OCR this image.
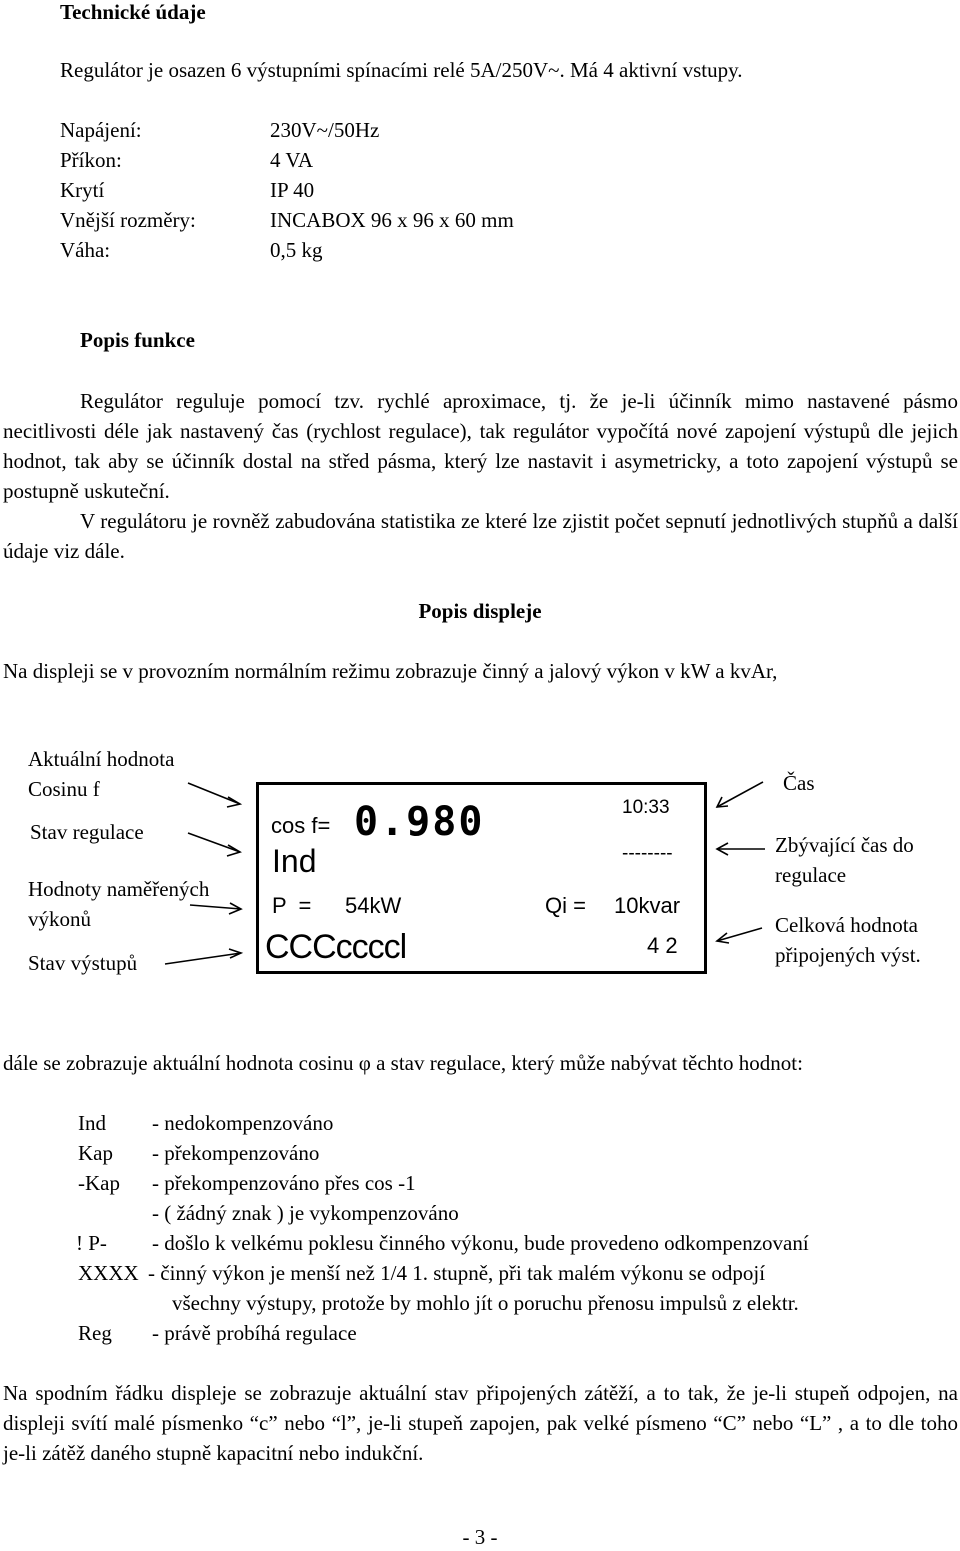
Technické údaje
Regulátor je osazen 6 výstupními spínacími relé 5A/250V~. Má 4 aktivní vstupy.
Napájení:	230V~/50Hz
Příkon:	4 VA
Krytí	IP 40
Vnější rozměry:	INCABOX 96 x 96 x 60 mm
Váha:	0,5 kg
Popis funkce
Regulátor reguluje pomocí tzv. rychlé aproximace, tj. že je-li účinník mimo nastavené pásmo necitlivosti déle jak nastavený čas (rychlost regulace), tak regulátor vypočítá nové zapojení výstupů dle jejich hodnot, tak aby se účinník dostal na střed pásma, který lze nastavit i asymetricky, a toto zapojení výstupů se postupně uskuteční.
V regulátoru je rovněž zabudována statistika ze které lze zjistit počet sepnutí jednotlivých stupňů a další údaje viz dále.
Popis displeje
Na displeji se v provozním normálním režimu zobrazuje činný a jalový výkon v kW a kvAr,
Aktuální hodnota
Cosinu f
Stav regulace
Hodnoty naměřených
výkonů
Stav výstupů
Čas
Zbývající čas do
regulace
Celková hodnota
připojených výst.
cos f= 0.980	10:33
Ind	--------
P  = 54kW	Qi = 10kvar
CCCccccl	4 2
dále se zobrazuje aktuální hodnota cosinu φ a stav regulace, který může nabývat těchto hodnot:
Ind - nedokompenzováno
Kap - překompenzováno
-Kap - překompenzováno přes cos -1
- ( žádný znak ) je vykompenzováno
! P- - došlo k velkému poklesu činného výkonu, bude provedeno odkompenzovaní
XXXX - činný výkon je menší než 1/4 1. stupně, při tak malém výkonu se odpojí
všechny výstupy, protože by mohlo jít o poruchu přenosu impulsů z elektr.
Reg - právě probíhá regulace
Na spodním řádku displeje se zobrazuje aktuální stav připojených zátěží, a to tak, že je-li stupeň odpojen, na displeji svítí malé písmenko “c” nebo “l”, je-li stupeň zapojen, pak velké písmeno “C” nebo “L” , a to dle toho je-li zátěž daného stupně kapacitní nebo indukční.
- 3 -
